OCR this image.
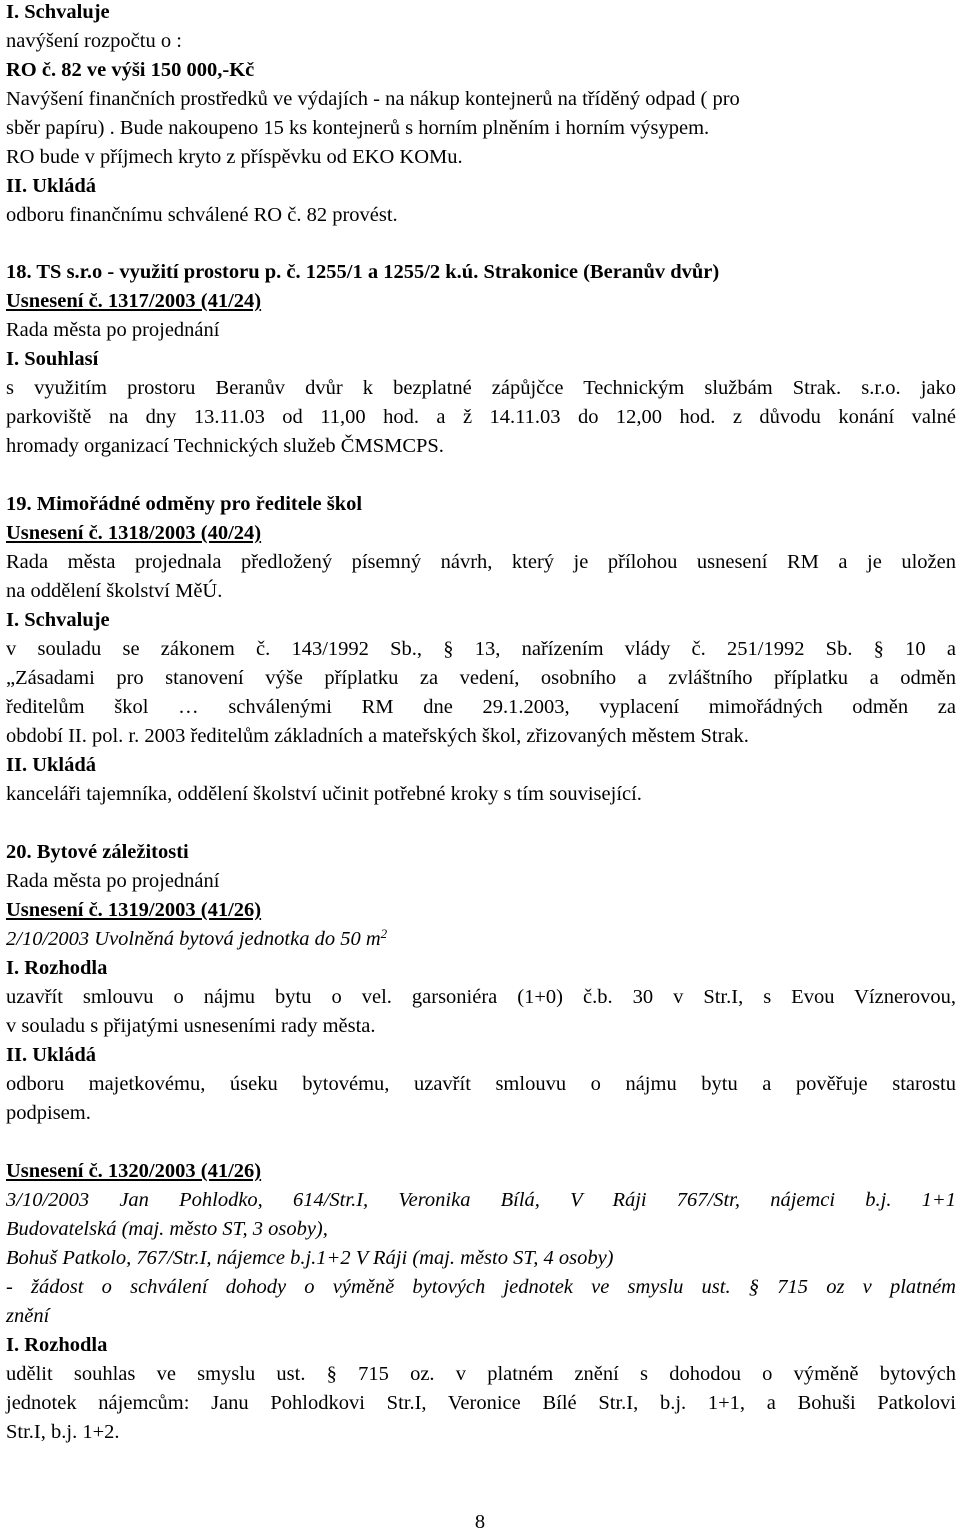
I. Schvaluje
navýšení rozpočtu o :
RO č. 82 ve výši 150 000,-Kč
Navýšení finančních prostředků ve výdajích - na nákup kontejnerů na tříděný odpad ( pro
sběr papíru) . Bude nakoupeno 15 ks kontejnerů s horním plněním i horním výsypem.
RO bude v příjmech kryto z příspěvku od EKO KOMu.
II. Ukládá
odboru finančnímu schválené RO č. 82 provést.
18. TS s.r.o - využití prostoru p. č. 1255/1 a 1255/2 k.ú. Strakonice (Beranův dvůr)
Usnesení č. 1317/2003 (41/24)
Rada města po projednání
I. Souhlasí
s využitím prostoru Beranův dvůr k bezplatné zápůjčce Technickým službám Strak. s.r.o. jako
parkoviště na dny 13.11.03 od 11,00 hod. a ž 14.11.03 do 12,00 hod. z důvodu konání valné
hromady organizací Technických služeb ČMSMCPS.
19. Mimořádné odměny pro ředitele škol
Usnesení č. 1318/2003 (40/24)
Rada města projednala předložený písemný návrh, který je přílohou usnesení RM a je uložen
na oddělení školství MěÚ.
I. Schvaluje
v souladu se zákonem č. 143/1992 Sb., § 13, nařízením vlády č. 251/1992 Sb. § 10 a
„Zásadami pro stanovení výše příplatku za vedení, osobního a zvláštního příplatku a odměn
ředitelům škol … schválenými RM dne 29.1.2003, vyplacení mimořádných odměn za
období II. pol. r. 2003 ředitelům základních a mateřských škol, zřizovaných městem Strak.
II. Ukládá
kanceláři tajemníka, oddělení školství učinit potřebné kroky s tím související.
20. Bytové záležitosti
Rada města po projednání
Usnesení č. 1319/2003 (41/26)
2/10/2003 Uvolněná bytová jednotka do 50 $m^2$
I. Rozhodla
uzavřít smlouvu o nájmu bytu o vel. garsoniéra (1+0) č.b. 30 v Str.I, s Evou Víznerovou,
v souladu s přijatými usneseními rady města.
II. Ukládá
odboru majetkovému, úseku bytovému, uzavřít smlouvu o nájmu bytu a pověřuje starostu
podpisem.
Usnesení č. 1320/2003 (41/26)
3/10/2003 Jan Pohlodko, 614/Str.I, Veronika Bílá, V Ráji 767/Str, nájemci b.j. 1+1
Budovatelská (maj. město ST, 3 osoby),
Bohuš Patkolo, 767/Str.I, nájemce b.j.1+2 V Ráji (maj. město ST, 4 osoby)
- žádost o schválení dohody o výměně bytových jednotek ve smyslu ust. § 715 oz v platném
znění
I. Rozhodla
udělit souhlas ve smyslu ust. § 715 oz. v platném znění s dohodou o výměně bytových
jednotek nájemcům: Janu Pohlodkovi Str.I, Veronice Bílé Str.I, b.j. 1+1, a Bohuši Patkolovi
Str.I, b.j. 1+2.
8
